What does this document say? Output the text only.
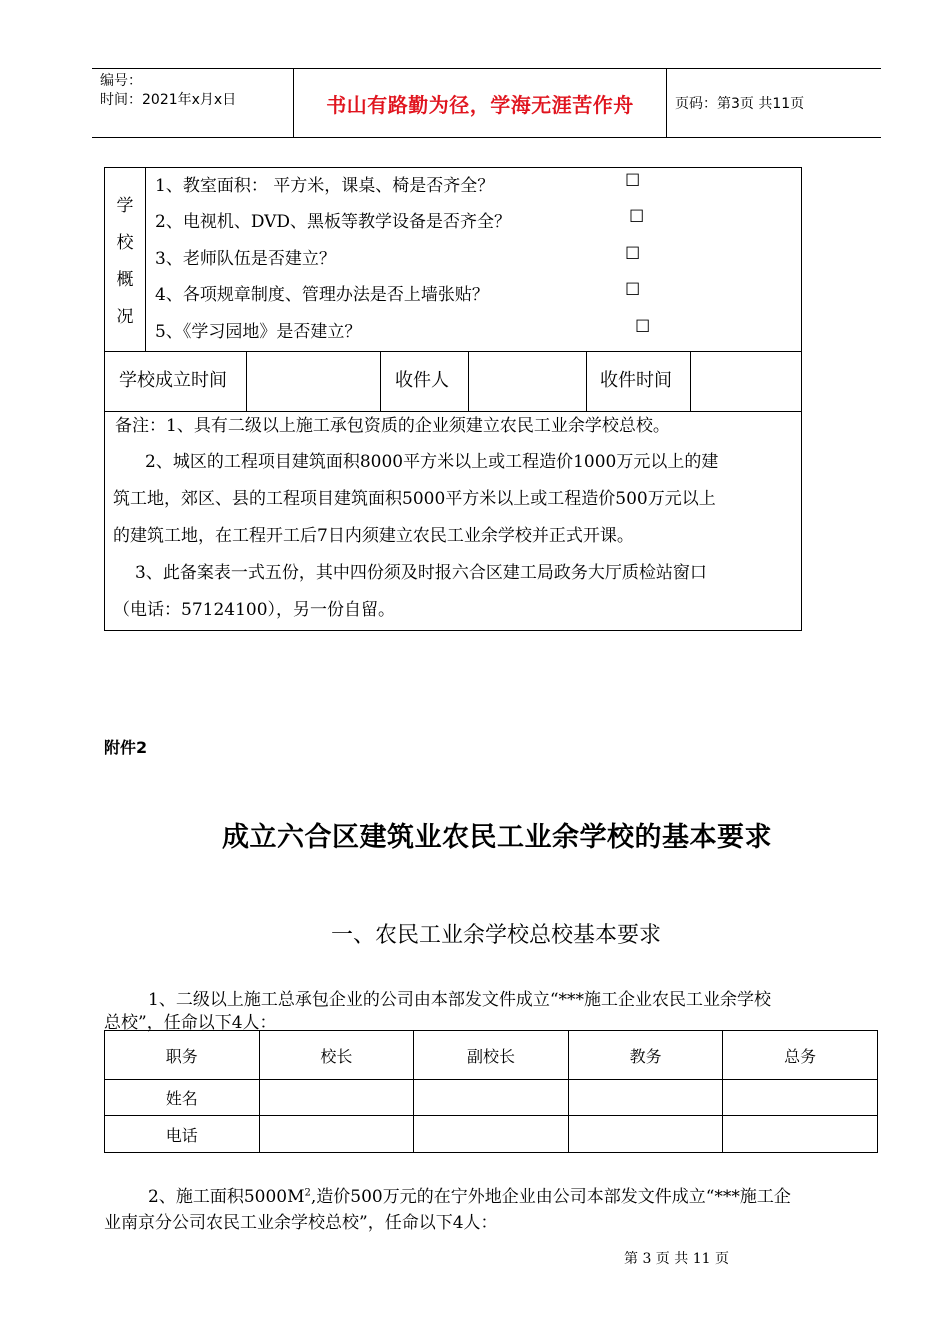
编号：
时间：2021年x月x日	书山有路勤为径，学海无涯苦作舟	页码：第3页 共11页
学
校
概
况
1、教室面积： 平方米，课桌、椅是否齐全？	☐
2、电视机、DVD、黑板等教学设备是否齐全？	☐
3、老师队伍是否建立？	☐
4、各项规章制度、管理办法是否上墙张贴？	☐
5、《学习园地》是否建立？	☐
学校成立时间	收件人	收件时间
备注：1、具有二级以上施工承包资质的企业须建立农民工业余学校总校。
2、城区的工程项目建筑面积8000平方米以上或工程造价1000万元以上的建
筑工地，郊区、县的工程项目建筑面积5000平方米以上或工程造价500万元以上
的建筑工地，在工程开工后7日内须建立农民工业余学校并正式开课。
3、此备案表一式五份，其中四份须及时报六合区建工局政务大厅质检站窗口
（电话：57124100），另一份自留。
附件2
成立六合区建筑业农民工业余学校的基本要求
一、农民工业余学校总校基本要求
1、二级以上施工总承包企业的公司由本部发文件成立“***施工企业农民工业余学校
总校”，任命以下4人：
职务	校长	副校长	教务	总务
姓名				
电话				
2、施工面积$5000M^2$,造价500万元的在宁外地企业由公司本部发文件成立“***施工企
业南京分公司农民工业余学校总校”，任命以下4人：
第 3 页 共 11 页
